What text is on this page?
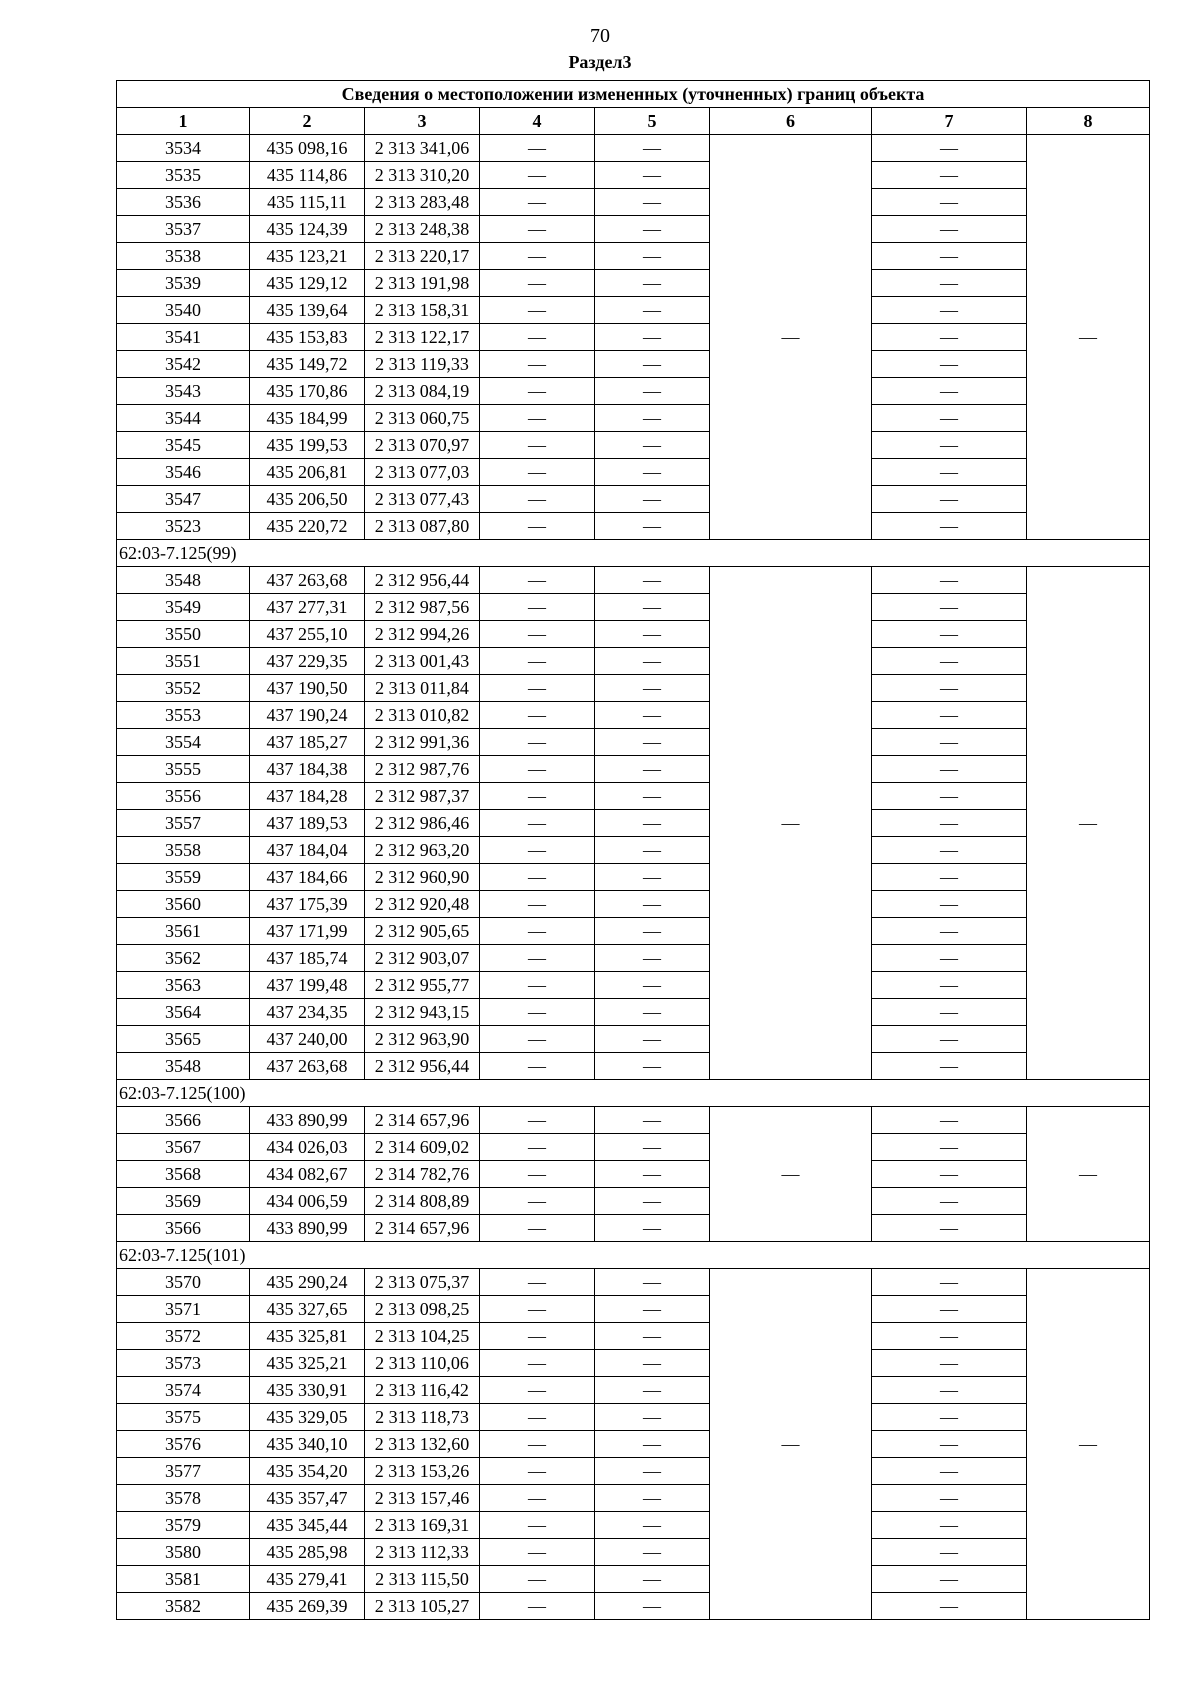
70
Раздел3
Сведения о местоположении измененных (уточненных) границ объекта							
1	2	3	4	5	6	7	8
3534	435 098,16	2 313 341,06	—	—	—	—	—
3535	435 114,86	2 313 310,20	—	—		—	
3536	435 115,11	2 313 283,48	—	—		—	
3537	435 124,39	2 313 248,38	—	—		—	
3538	435 123,21	2 313 220,17	—	—		—	
3539	435 129,12	2 313 191,98	—	—		—	
3540	435 139,64	2 313 158,31	—	—		—	
3541	435 153,83	2 313 122,17	—	—		—	
3542	435 149,72	2 313 119,33	—	—		—	
3543	435 170,86	2 313 084,19	—	—		—	
3544	435 184,99	2 313 060,75	—	—		—	
3545	435 199,53	2 313 070,97	—	—		—	
3546	435 206,81	2 313 077,03	—	—		—	
3547	435 206,50	2 313 077,43	—	—		—	
3523	435 220,72	2 313 087,80	—	—		—	
62:03-7.125(99)							
3548	437 263,68	2 312 956,44	—	—	—	—	—
3549	437 277,31	2 312 987,56	—	—		—	
3550	437 255,10	2 312 994,26	—	—		—	
3551	437 229,35	2 313 001,43	—	—		—	
3552	437 190,50	2 313 011,84	—	—		—	
3553	437 190,24	2 313 010,82	—	—		—	
3554	437 185,27	2 312 991,36	—	—		—	
3555	437 184,38	2 312 987,76	—	—		—	
3556	437 184,28	2 312 987,37	—	—		—	
3557	437 189,53	2 312 986,46	—	—		—	
3558	437 184,04	2 312 963,20	—	—		—	
3559	437 184,66	2 312 960,90	—	—		—	
3560	437 175,39	2 312 920,48	—	—		—	
3561	437 171,99	2 312 905,65	—	—		—	
3562	437 185,74	2 312 903,07	—	—		—	
3563	437 199,48	2 312 955,77	—	—		—	
3564	437 234,35	2 312 943,15	—	—		—	
3565	437 240,00	2 312 963,90	—	—		—	
3548	437 263,68	2 312 956,44	—	—		—	
62:03-7.125(100)							
3566	433 890,99	2 314 657,96	—	—	—	—	—
3567	434 026,03	2 314 609,02	—	—		—	
3568	434 082,67	2 314 782,76	—	—		—	
3569	434 006,59	2 314 808,89	—	—		—	
3566	433 890,99	2 314 657,96	—	—		—	
62:03-7.125(101)							
3570	435 290,24	2 313 075,37	—	—	—	—	—
3571	435 327,65	2 313 098,25	—	—		—	
3572	435 325,81	2 313 104,25	—	—		—	
3573	435 325,21	2 313 110,06	—	—		—	
3574	435 330,91	2 313 116,42	—	—		—	
3575	435 329,05	2 313 118,73	—	—		—	
3576	435 340,10	2 313 132,60	—	—		—	
3577	435 354,20	2 313 153,26	—	—		—	
3578	435 357,47	2 313 157,46	—	—		—	
3579	435 345,44	2 313 169,31	—	—		—	
3580	435 285,98	2 313 112,33	—	—		—	
3581	435 279,41	2 313 115,50	—	—		—	
3582	435 269,39	2 313 105,27	—	—		—	
